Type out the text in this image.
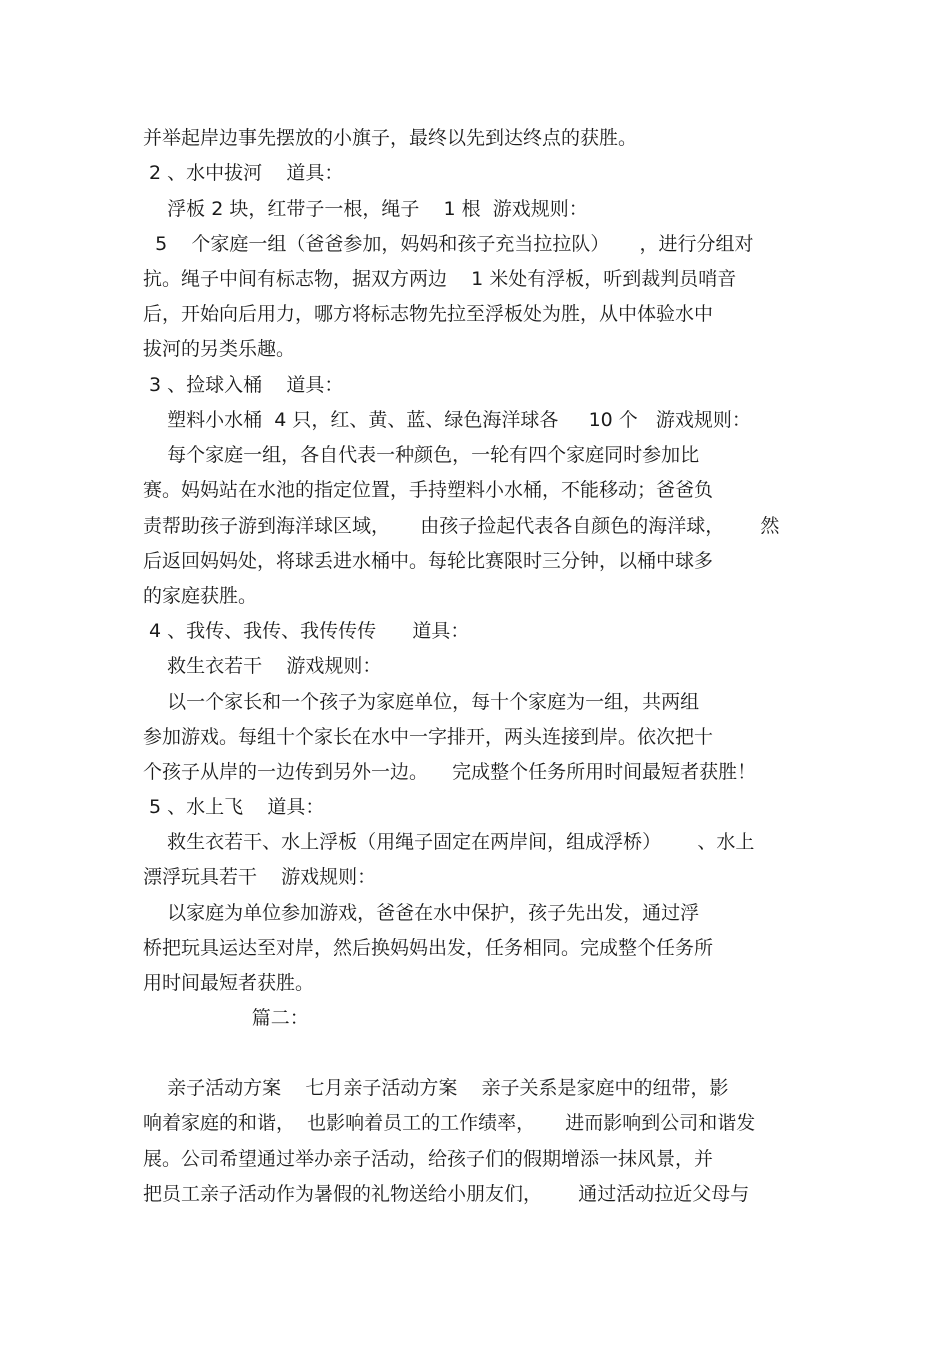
并举起岸边事先摆放的小旗子，最终以先到达终点的获胜。
2 、水中拔河    道具：
浮板 2 块，红带子一根，绳子    1 根  游戏规则：
5    个家庭一组（爸爸参加，妈妈和孩子充当拉拉队）     ，进行分组对
抗。绳子中间有标志物，据双方两边    1 米处有浮板，听到裁判员哨音
后，开始向后用力，哪方将标志物先拉至浮板处为胜，从中体验水中
拔河的另类乐趣。
3 、捡球入桶    道具：
塑料小水桶  4 只，红、黄、蓝、绿色海洋球各     10 个   游戏规则：
每个家庭一组，各自代表一种颜色，一轮有四个家庭同时参加比
赛。妈妈站在水池的指定位置，手持塑料小水桶，不能移动；爸爸负
责帮助孩子游到海洋球区域，     由孩子捡起代表各自颜色的海洋球，      然
后返回妈妈处，将球丢进水桶中。每轮比赛限时三分钟，以桶中球多
的家庭获胜。
4 、我传、我传、我传传传      道具：
救生衣若干    游戏规则：
以一个家长和一个孩子为家庭单位，每十个家庭为一组，共两组
参加游戏。每组十个家长在水中一字排开，两头连接到岸。依次把十
个孩子从岸的一边传到另外一边。    完成整个任务所用时间最短者获胜！
5 、水上飞    道具：
救生衣若干、水上浮板（用绳子固定在两岸间，组成浮桥）      、水上
漂浮玩具若干    游戏规则：
以家庭为单位参加游戏，爸爸在水中保护，孩子先出发，通过浮
桥把玩具运达至对岸，然后换妈妈出发，任务相同。完成整个任务所
用时间最短者获胜。
篇二：
亲子活动方案    七月亲子活动方案    亲子关系是家庭中的纽带，影
响着家庭的和谐，  也影响着员工的工作绩率，     进而影响到公司和谐发
展。公司希望通过举办亲子活动，给孩子们的假期增添一抹风景，并
把员工亲子活动作为暑假的礼物送给小朋友们，      通过活动拉近父母与
